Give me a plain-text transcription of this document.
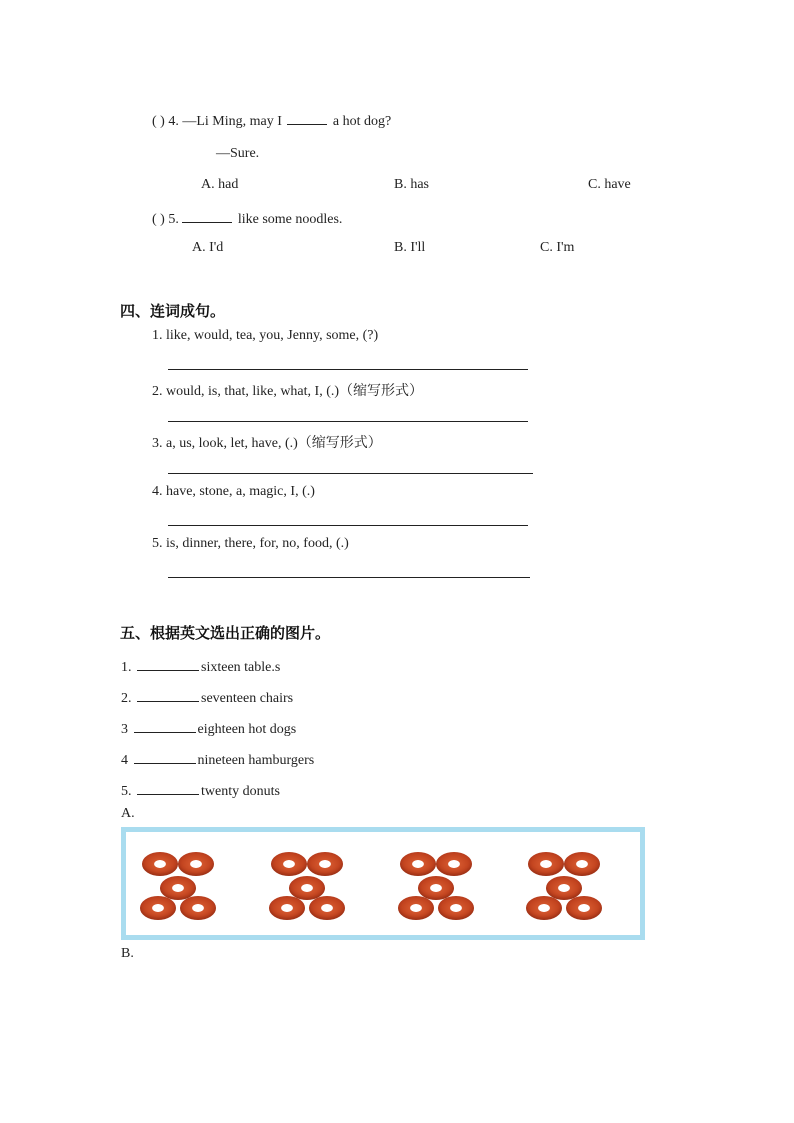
( ) 4. —Li Ming, may I	a hot dog?
—Sure.
A. had	B. has	C. have
( ) 5.	like some noodles.
A. I'd	B. I'll	C. I'm
四、连词成句。
1. like, would, tea, you, Jenny, some, (?)
2. would, is, that, like, what, I, (.)（缩写形式）
3. a, us, look, let, have, (.)（缩写形式）
4. have, stone, a, magic, I, (.)
5. is, dinner, there, for, no, food, (.)
五、根据英文选出正确的图片。
1.	sixteen table.s
2.	seventeen chairs
3	eighteen hot dogs
4	nineteen hamburgers
5.	twenty donuts
A.
B.
